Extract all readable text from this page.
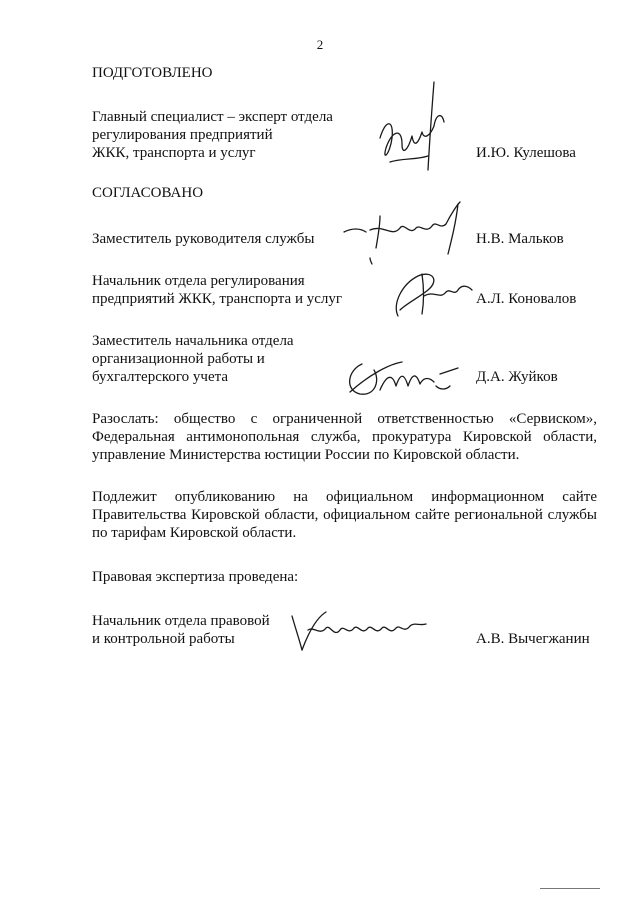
2
ПОДГОТОВЛЕНО
Главный специалист – эксперт отдела
регулирования предприятий
ЖКК, транспорта и услуг	И.Ю. Кулешова
СОГЛАСОВАНО
Заместитель руководителя службы	Н.В. Мальков
Начальник отдела регулирования
предприятий ЖКК, транспорта и услуг	А.Л. Коновалов
Заместитель начальника отдела
организационной работы и
бухгалтерского учета	Д.А. Жуйков
Разослать: общество с ограниченной ответственностью «Сервиском», Федеральная антимонопольная служба, прокуратура Кировской области, управление Министерства юстиции России по Кировской области.
Подлежит опубликованию на официальном информационном сайте Правительства Кировской области, официальном сайте региональной службы по тарифам Кировской области.
Правовая экспертиза проведена:
Начальник отдела правовой
и контрольной работы	А.В. Вычегжанин
